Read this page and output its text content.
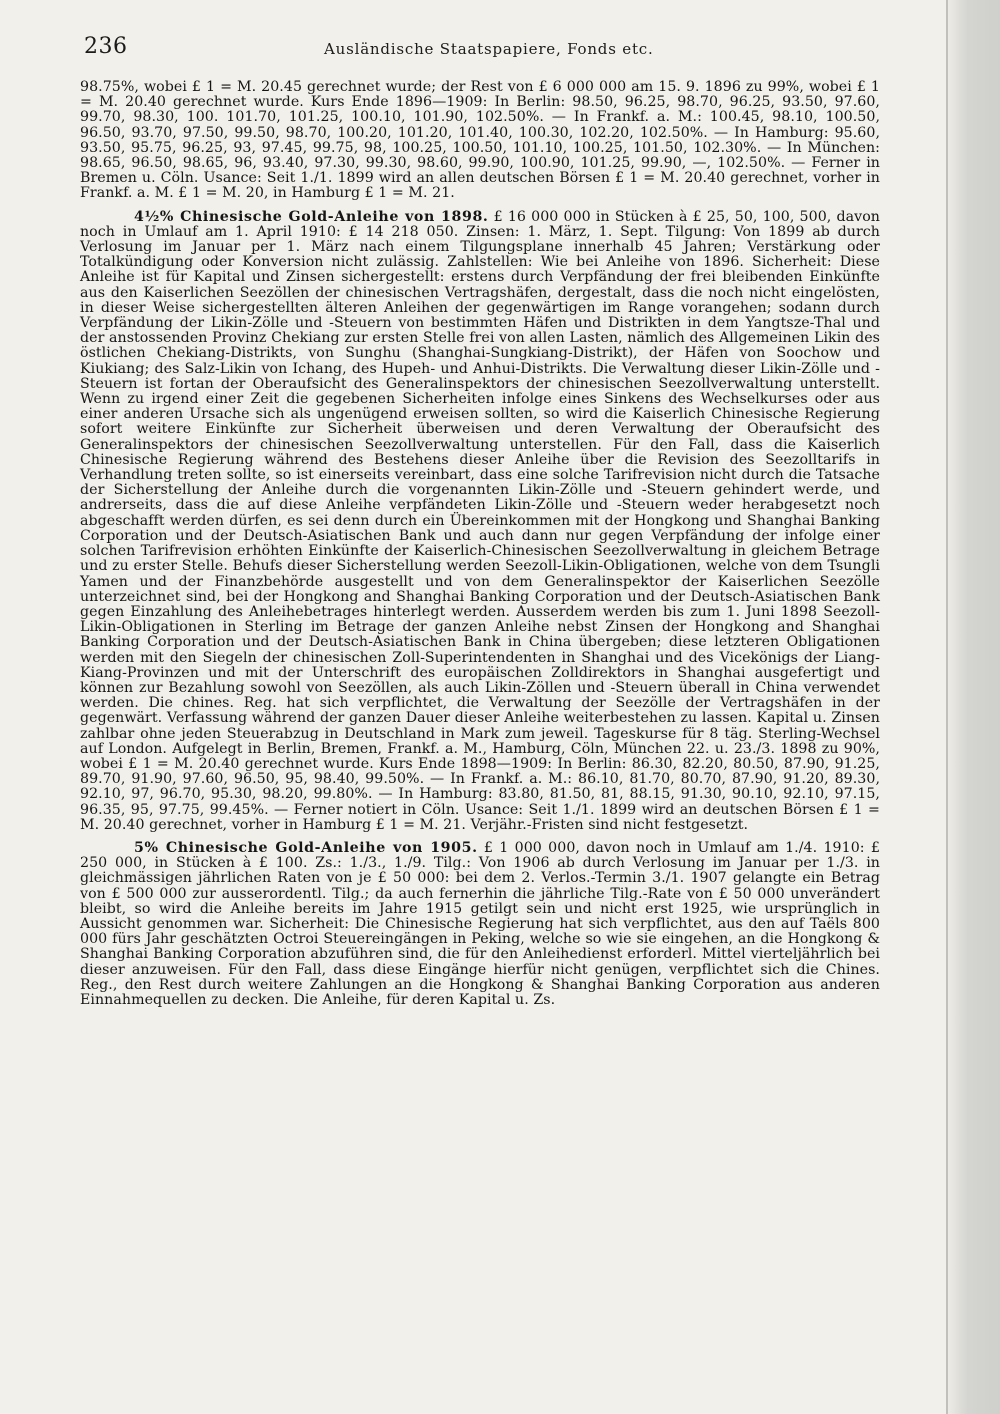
236	Ausländische Staatspapiere, Fonds etc.

98.75%, wobei £ 1 = M. 20.45 gerechnet wurde; der Rest von £ 6 000 000 am 15. 9. 1896 zu 99%, wobei £ 1 = M. 20.40 gerechnet wurde. Kurs Ende 1896—1909: In Berlin: 98.50, 96.25, 98.70, 96.25, 93.50, 97.60, 99.70, 98.30, 100. 101.70, 101.25, 100.10, 101.90, 102.50%. — In Frankf. a. M.: 100.45, 98.10, 100.50, 96.50, 93.70, 97.50, 99.50, 98.70, 100.20, 101.20, 101.40, 100.30, 102.20, 102.50%. — In Hamburg: 95.60, 93.50, 95.75, 96.25, 93, 97.45, 99.75, 98, 100.25, 100.50, 101.10, 100.25, 101.50, 102.30%. — In München: 98.65, 96.50, 98.65, 96, 93.40, 97.30, 99.30, 98.60, 99.90, 100.90, 101.25, 99.90, —, 102.50%. — Ferner in Bremen u. Cöln. Usance: Seit 1./1. 1899 wird an allen deutschen Börsen £ 1 = M. 20.40 gerechnet, vorher in Frankf. a. M. £ 1 = M. 20, in Hamburg £ 1 = M. 21.

4½% Chinesische Gold-Anleihe von 1898. £ 16 000 000 in Stücken à £ 25, 50, 100, 500, davon noch in Umlauf am 1. April 1910: £ 14 218 050. Zinsen: 1. März, 1. Sept. Tilgung: Von 1899 ab durch Verlosung im Januar per 1. März nach einem Tilgungsplane innerhalb 45 Jahren; Verstärkung oder Totalkündigung oder Konversion nicht zulässig. Zahlstellen: Wie bei Anleihe von 1896. Sicherheit: Diese Anleihe ist für Kapital und Zinsen sichergestellt: erstens durch Verpfändung der frei bleibenden Einkünfte aus den Kaiserlichen Seezöllen der chinesischen Vertragshäfen, dergestalt, dass die noch nicht eingelösten, in dieser Weise sichergestellten älteren Anleihen der gegenwärtigen im Range vorangehen; sodann durch Verpfändung der Likin-Zölle und -Steuern von bestimmten Häfen und Distrikten in dem Yangtsze-Thal und der anstossenden Provinz Chekiang zur ersten Stelle frei von allen Lasten, nämlich des Allgemeinen Likin des östlichen Chekiang-Distrikts, von Sunghu (Shanghai-Sungkiang-Distrikt), der Häfen von Soochow und Kiukiang; des Salz-Likin von Ichang, des Hupeh- und Anhui-Distrikts. Die Verwaltung dieser Likin-Zölle und -Steuern ist fortan der Oberaufsicht des Generalinspektors der chinesischen Seezollverwaltung unterstellt. Wenn zu irgend einer Zeit die gegebenen Sicherheiten infolge eines Sinkens des Wechselkurses oder aus einer anderen Ursache sich als ungenügend erweisen sollten, so wird die Kaiserlich Chinesische Regierung sofort weitere Einkünfte zur Sicherheit überweisen und deren Verwaltung der Oberaufsicht des Generalinspektors der chinesischen Seezollverwaltung unterstellen. Für den Fall, dass die Kaiserlich Chinesische Regierung während des Bestehens dieser Anleihe über die Revision des Seezolltarifs in Verhandlung treten sollte, so ist einerseits vereinbart, dass eine solche Tarifrevision nicht durch die Tatsache der Sicherstellung der Anleihe durch die vorgenannten Likin-Zölle und -Steuern gehindert werde, und andrerseits, dass die auf diese Anleihe verpfändeten Likin-Zölle und -Steuern weder herabgesetzt noch abgeschafft werden dürfen, es sei denn durch ein Übereinkommen mit der Hongkong und Shanghai Banking Corporation und der Deutsch-Asiatischen Bank und auch dann nur gegen Verpfändung der infolge einer solchen Tarifrevision erhöhten Einkünfte der Kaiserlich-Chinesischen Seezollverwaltung in gleichem Betrage und zu erster Stelle. Behufs dieser Sicherstellung werden Seezoll-Likin-Obligationen, welche von dem Tsungli Yamen und der Finanzbehörde ausgestellt und von dem Generalinspektor der Kaiserlichen Seezölle unterzeichnet sind, bei der Hongkong and Shanghai Banking Corporation und der Deutsch-Asiatischen Bank gegen Einzahlung des Anleihebetrages hinterlegt werden. Ausserdem werden bis zum 1. Juni 1898 Seezoll-Likin-Obligationen in Sterling im Betrage der ganzen Anleihe nebst Zinsen der Hongkong and Shanghai Banking Corporation und der Deutsch-Asiatischen Bank in China übergeben; diese letzteren Obligationen werden mit den Siegeln der chinesischen Zoll-Superintendenten in Shanghai und des Vicekönigs der Liang-Kiang-Provinzen und mit der Unterschrift des europäischen Zolldirektors in Shanghai ausgefertigt und können zur Bezahlung sowohl von Seezöllen, als auch Likin-Zöllen und -Steuern überall in China verwendet werden. Die chines. Reg. hat sich verpflichtet, die Verwaltung der Seezölle der Vertragshäfen in der gegenwärt. Verfassung während der ganzen Dauer dieser Anleihe weiterbestehen zu lassen. Kapital u. Zinsen zahlbar ohne jeden Steuerabzug in Deutschland in Mark zum jeweil. Tageskurse für 8 täg. Sterling-Wechsel auf London. Aufgelegt in Berlin, Bremen, Frankf. a. M., Hamburg, Cöln, München 22. u. 23./3. 1898 zu 90%, wobei £ 1 = M. 20.40 gerechnet wurde. Kurs Ende 1898—1909: In Berlin: 86.30, 82.20, 80.50, 87.90, 91.25, 89.70, 91.90, 97.60, 96.50, 95, 98.40, 99.50%. — In Frankf. a. M.: 86.10, 81.70, 80.70, 87.90, 91.20, 89.30, 92.10, 97, 96.70, 95.30, 98.20, 99.80%. — In Hamburg: 83.80, 81.50, 81, 88.15, 91.30, 90.10, 92.10, 97.15, 96.35, 95, 97.75, 99.45%. — Ferner notiert in Cöln. Usance: Seit 1./1. 1899 wird an deutschen Börsen £ 1 = M. 20.40 gerechnet, vorher in Hamburg £ 1 = M. 21. Verjähr.-Fristen sind nicht festgesetzt.

5% Chinesische Gold-Anleihe von 1905. £ 1 000 000, davon noch in Umlauf am 1./4. 1910: £ 250 000, in Stücken à £ 100. Zs.: 1./3., 1./9. Tilg.: Von 1906 ab durch Verlosung im Januar per 1./3. in gleichmässigen jährlichen Raten von je £ 50 000: bei dem 2. Verlos.-Termin 3./1. 1907 gelangte ein Betrag von £ 500 000 zur ausserordentl. Tilg.; da auch fernerhin die jährliche Tilg.-Rate von £ 50 000 unverändert bleibt, so wird die Anleihe bereits im Jahre 1915 getilgt sein und nicht erst 1925, wie ursprünglich in Aussicht genommen war. Sicherheit: Die Chinesische Regierung hat sich verpflichtet, aus den auf Taëls 800 000 fürs Jahr geschätzten Octroi Steuereingängen in Peking, welche so wie sie eingehen, an die Hongkong & Shanghai Banking Corporation abzuführen sind, die für den Anleihedienst erforderl. Mittel vierteljährlich bei dieser anzuweisen. Für den Fall, dass diese Eingänge hierfür nicht genügen, verpflichtet sich die Chines. Reg., den Rest durch weitere Zahlungen an die Hongkong & Shanghai Banking Corporation aus anderen Einnahmequellen zu decken. Die Anleihe, für deren Kapital u. Zs.
